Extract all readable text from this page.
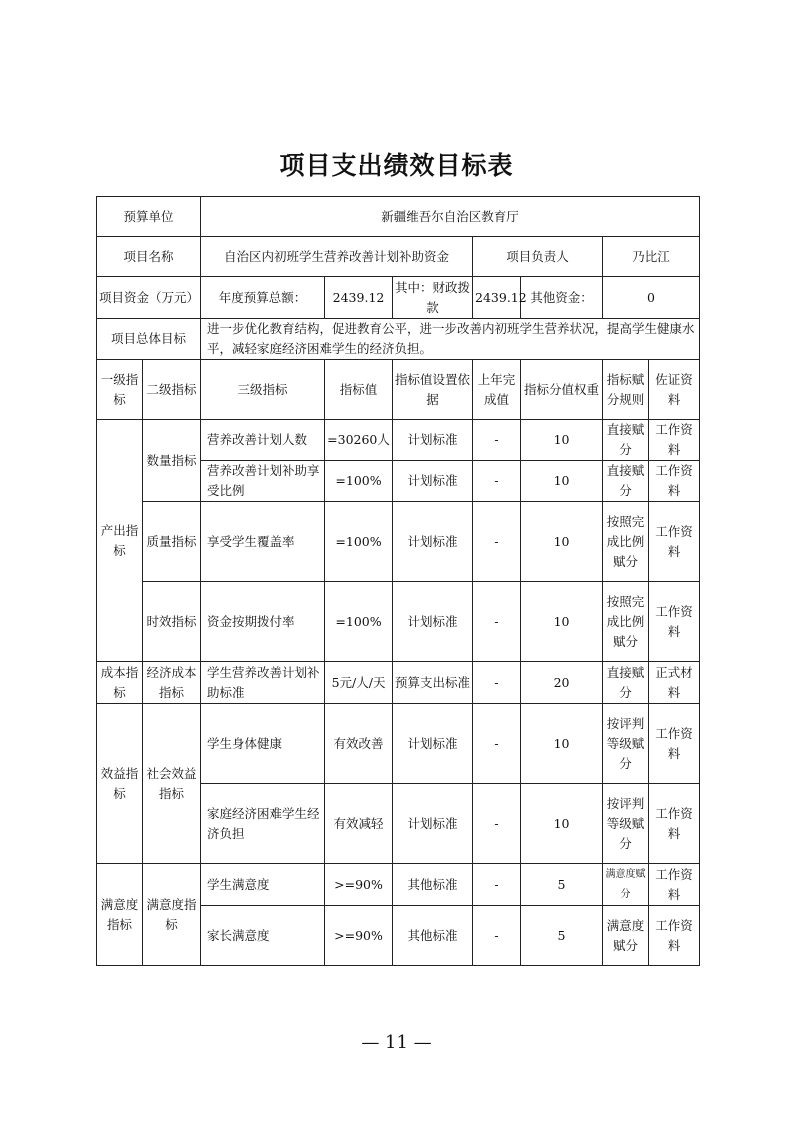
项目支出绩效目标表
预算单位		新疆维吾尔自治区教育厅						
项目名称		自治区内初班学生营养改善计划补助资金			项目负责人		乃比江	
项目资金（万元）		年度预算总额：	2439.12	其中：财政拨款	2439.12	其他资金：	0	
项目总体目标		进一步优化教育结构，促进教育公平，进一步改善内初班学生营养状况，提高学生健康水平，减轻家庭经济困难学生的经济负担。						
一级指标	二级指标	三级指标	指标值	指标值设置依据	上年完成值	指标分值权重	指标赋分规则	佐证资料
产出指标	数量指标	营养改善计划人数	=30260人	计划标准	-	10	直接赋分	工作资料
		营养改善计划补助享受比例	=100%	计划标准	-	10	直接赋分	工作资料
	质量指标	享受学生覆盖率	=100%	计划标准	-	10	按照完成比例赋分	工作资料
	时效指标	资金按期拨付率	=100%	计划标准	-	10	按照完成比例赋分	工作资料
成本指标	经济成本指标	学生营养改善计划补助标准	5元/人/天	预算支出标准	-	20	直接赋分	正式材料
效益指标	社会效益指标	学生身体健康	有效改善	计划标准	-	10	按评判等级赋分	工作资料
		家庭经济困难学生经济负担	有效减轻	计划标准	-	10	按评判等级赋分	工作资料
满意度指标	满意度指标	学生满意度	>=90%	其他标准	-	5	满意度赋分	工作资料
		家长满意度	>=90%	其他标准	-	5	满意度赋分	工作资料
— 11 —
